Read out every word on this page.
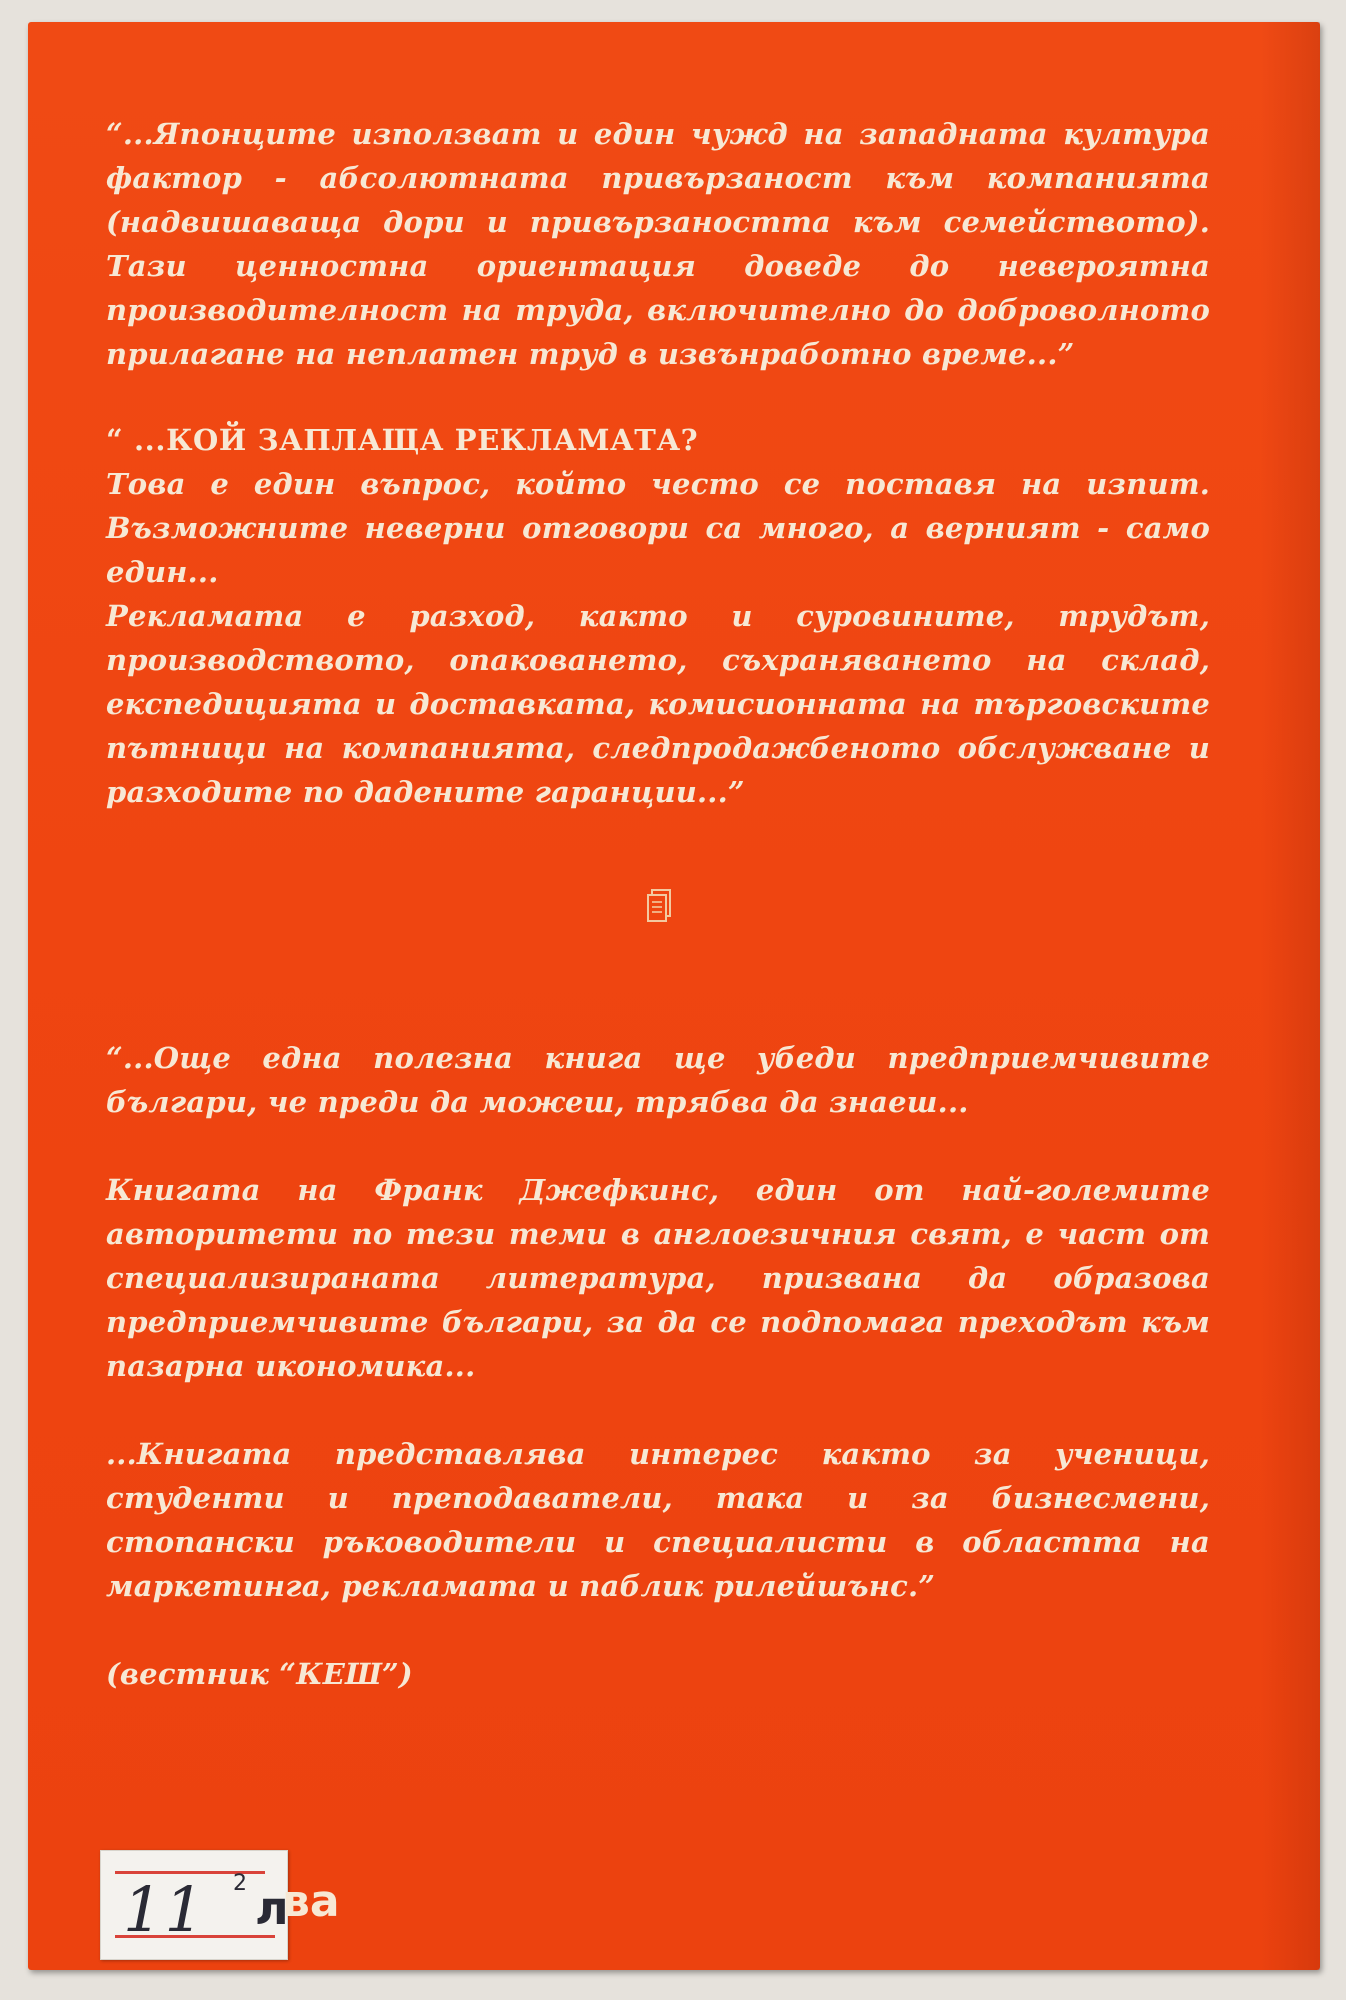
“...Японците използват и един чужд на западната култура фактор - абсолютната привързаност към компанията (надвишаваща дори и привързаността към семейството). Тази ценностна ориентация доведе до невероятна производителност на труда, включително до доброволното прилагане на неплатен труд в извънработно време...”

“ ...КОЙ ЗАПЛАЩА РЕКЛАМАТА?

Това е един въпрос, който често се поставя на изпит. Възможните неверни отговори са много, а верният - само един...

Рекламата е разход, както и суровините, трудът, производството, опаковането, съхраняването на склад, експедицията и доставката, комисионната на търговските пътници на компанията, следпродажбеното обслужване и разходите по дадените гаранции...”

“...Още една полезна книга ще убеди предприемчивите българи, че преди да можеш, трябва да знаеш...

Книгата на Франк Джефкинс, един от най-големите авторитети по тези теми в англоезичния свят, е част от специализираната литература, призвана да образова предприемчивите българи, за да се подпомага преходът към пазарна икономика...

...Книгата представлява интерес както за ученици, студенти и преподаватели, така и за бизнесмени, стопански ръководители и специалисти в областта на маркетинга, рекламата и паблик рилейшънс.”

(вестник “КЕШ”)

11 2 л
ва
